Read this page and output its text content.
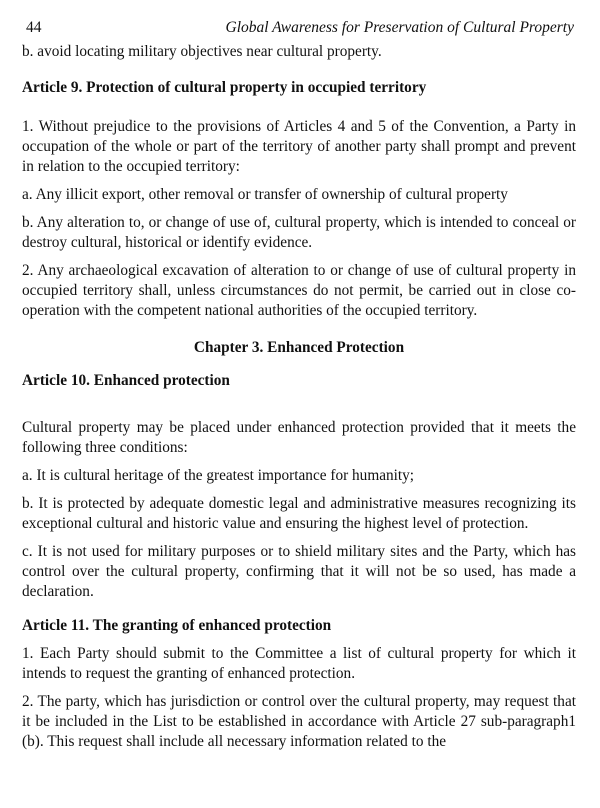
44	Global Awareness for Preservation of Cultural Property

b. avoid locating military objectives near cultural property.

Article 9. Protection of cultural property in occupied territory

1. Without prejudice to the provisions of Articles 4 and 5 of the Convention, a Party in occupation of the whole or part of the territory of another party shall prompt and prevent in relation to the occupied territory:

a. Any illicit export, other removal or transfer of ownership of cultural property

b. Any alteration to, or change of use of, cultural property, which is intended to conceal or destroy cultural, historical or identify evidence.

2. Any archaeological excavation of alteration to or change of use of cultural property in occupied territory shall, unless circumstances do not permit, be carried out in close co-operation with the competent national authorities of the occupied territory.

Chapter 3. Enhanced Protection
Article 10. Enhanced protection

Cultural property may be placed under enhanced protection provided that it meets the following three conditions:

a. It is cultural heritage of the greatest importance for humanity;

b. It is protected by adequate domestic legal and administrative measures recognizing its exceptional cultural and historic value and ensuring the highest level of protection.

c. It is not used for military purposes or to shield military sites and the Party, which has control over the cultural property, confirming that it will not be so used, has made a declaration.

Article 11. The granting of enhanced protection

1. Each Party should submit to the Committee a list of cultural property for which it intends to request the granting of enhanced protection.

2. The party, which has jurisdiction or control over the cultural property, may request that it be included in the List to be established in accordance with Article 27 sub-paragraph1 (b). This request shall include all necessary information related to the
